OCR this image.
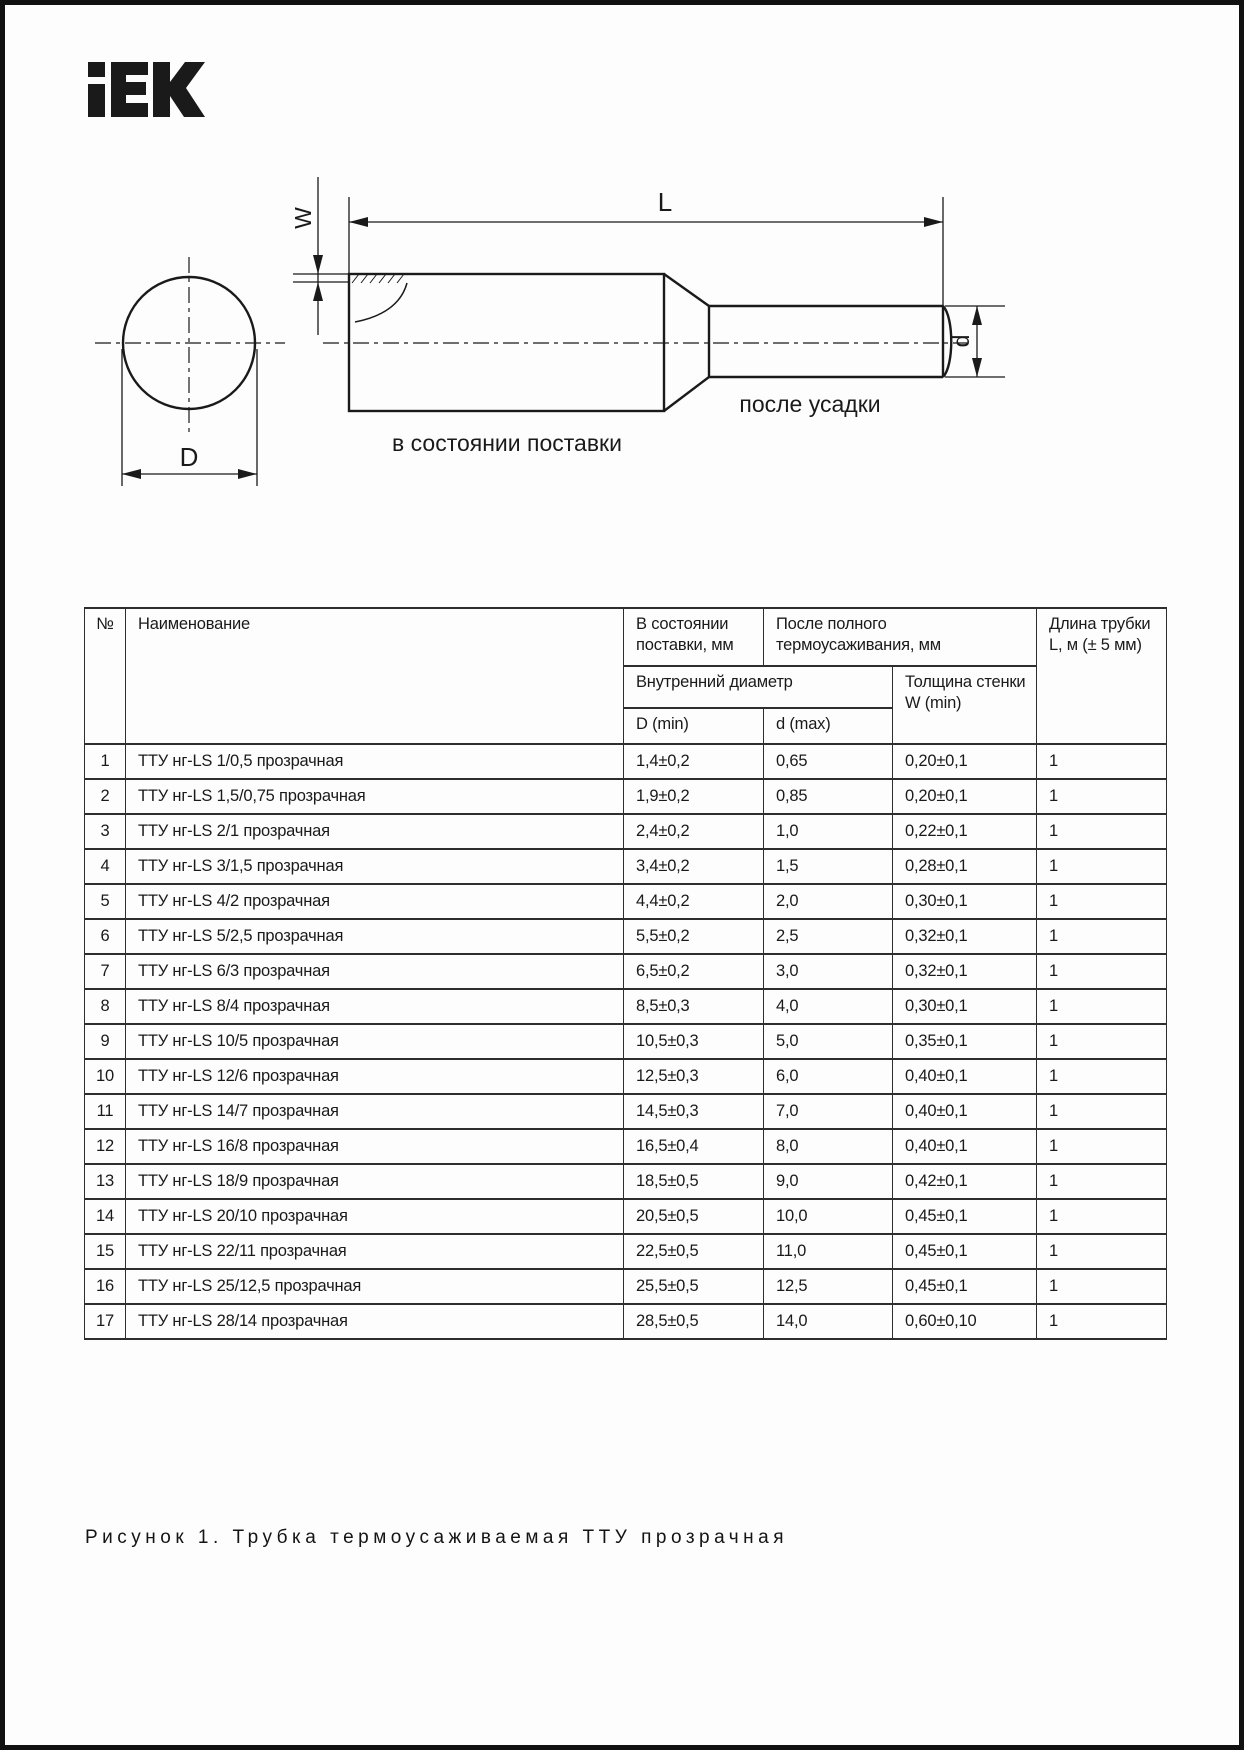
L
W
D
d
в состоянии поставки
после усадки
№	Наименование	В состоянии поставки, мм	После полного термоусаживания, мм		Длина трубки L, м (± 5 мм)
		Внутренний диаметр		Толщина стенки W (min)	
		D (min)	d (max)		
1	ТТУ нг-LS 1/0,5 прозрачная	1,4±0,2	0,65	0,20±0,1	1
2	ТТУ нг-LS 1,5/0,75 прозрачная	1,9±0,2	0,85	0,20±0,1	1
3	ТТУ нг-LS 2/1 прозрачная	2,4±0,2	1,0	0,22±0,1	1
4	ТТУ нг-LS 3/1,5 прозрачная	3,4±0,2	1,5	0,28±0,1	1
5	ТТУ нг-LS 4/2 прозрачная	4,4±0,2	2,0	0,30±0,1	1
6	ТТУ нг-LS 5/2,5 прозрачная	5,5±0,2	2,5	0,32±0,1	1
7	ТТУ нг-LS 6/3 прозрачная	6,5±0,2	3,0	0,32±0,1	1
8	ТТУ нг-LS 8/4 прозрачная	8,5±0,3	4,0	0,30±0,1	1
9	ТТУ нг-LS 10/5 прозрачная	10,5±0,3	5,0	0,35±0,1	1
10	ТТУ нг-LS 12/6 прозрачная	12,5±0,3	6,0	0,40±0,1	1
11	ТТУ нг-LS 14/7 прозрачная	14,5±0,3	7,0	0,40±0,1	1
12	ТТУ нг-LS 16/8 прозрачная	16,5±0,4	8,0	0,40±0,1	1
13	ТТУ нг-LS 18/9 прозрачная	18,5±0,5	9,0	0,42±0,1	1
14	ТТУ нг-LS 20/10 прозрачная	20,5±0,5	10,0	0,45±0,1	1
15	ТТУ нг-LS 22/11 прозрачная	22,5±0,5	11,0	0,45±0,1	1
16	ТТУ нг-LS 25/12,5 прозрачная	25,5±0,5	12,5	0,45±0,1	1
17	ТТУ нг-LS 28/14 прозрачная	28,5±0,5	14,0	0,60±0,10	1
Рисунок 1. Трубка термоусаживаемая ТТУ прозрачная
